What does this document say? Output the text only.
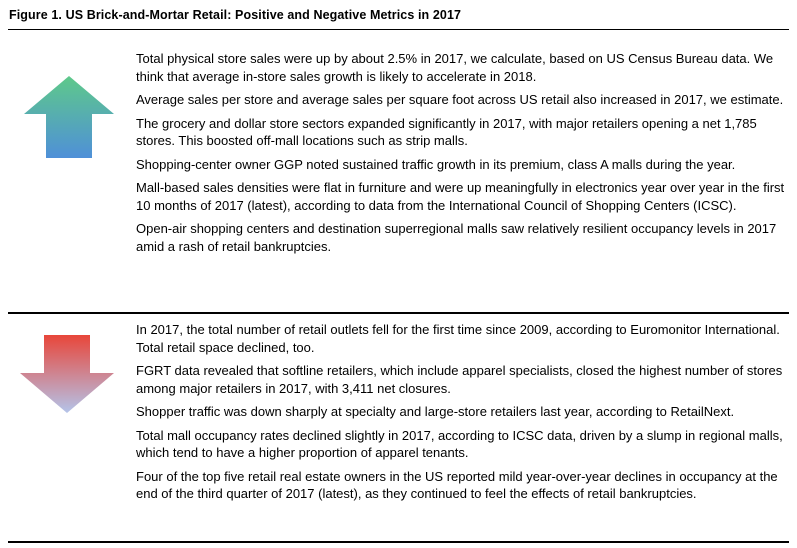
Figure 1. US Brick-and-Mortar Retail: Positive and Negative Metrics in 2017
Total physical store sales were up by about 2.5% in 2017, we calculate, based on US Census Bureau data. We think that average in-store sales growth is likely to accelerate in 2018.
Average sales per store and average sales per square foot across US retail also increased in 2017, we estimate.
The grocery and dollar store sectors expanded significantly in 2017, with major retailers opening a net 1,785 stores. This boosted off-mall locations such as strip malls.
Shopping-center owner GGP noted sustained traffic growth in its premium, class A malls during the year.
Mall-based sales densities were flat in furniture and were up meaningfully in electronics year over year in the first 10 months of 2017 (latest), according to data from the International Council of Shopping Centers (ICSC).
Open-air shopping centers and destination superregional malls saw relatively resilient occupancy levels in 2017 amid a rash of retail bankruptcies.
In 2017, the total number of retail outlets fell for the first time since 2009, according to Euromonitor International. Total retail space declined, too.
FGRT data revealed that softline retailers, which include apparel specialists, closed the highest number of stores among major retailers in 2017, with 3,411 net closures.
Shopper traffic was down sharply at specialty and large-store retailers last year, according to RetailNext.
Total mall occupancy rates declined slightly in 2017, according to ICSC data, driven by a slump in regional malls, which tend to have a higher proportion of apparel tenants.
Four of the top five retail real estate owners in the US reported mild year-over-year declines in occupancy at the end of the third quarter of 2017 (latest), as they continued to feel the effects of retail bankruptcies.
